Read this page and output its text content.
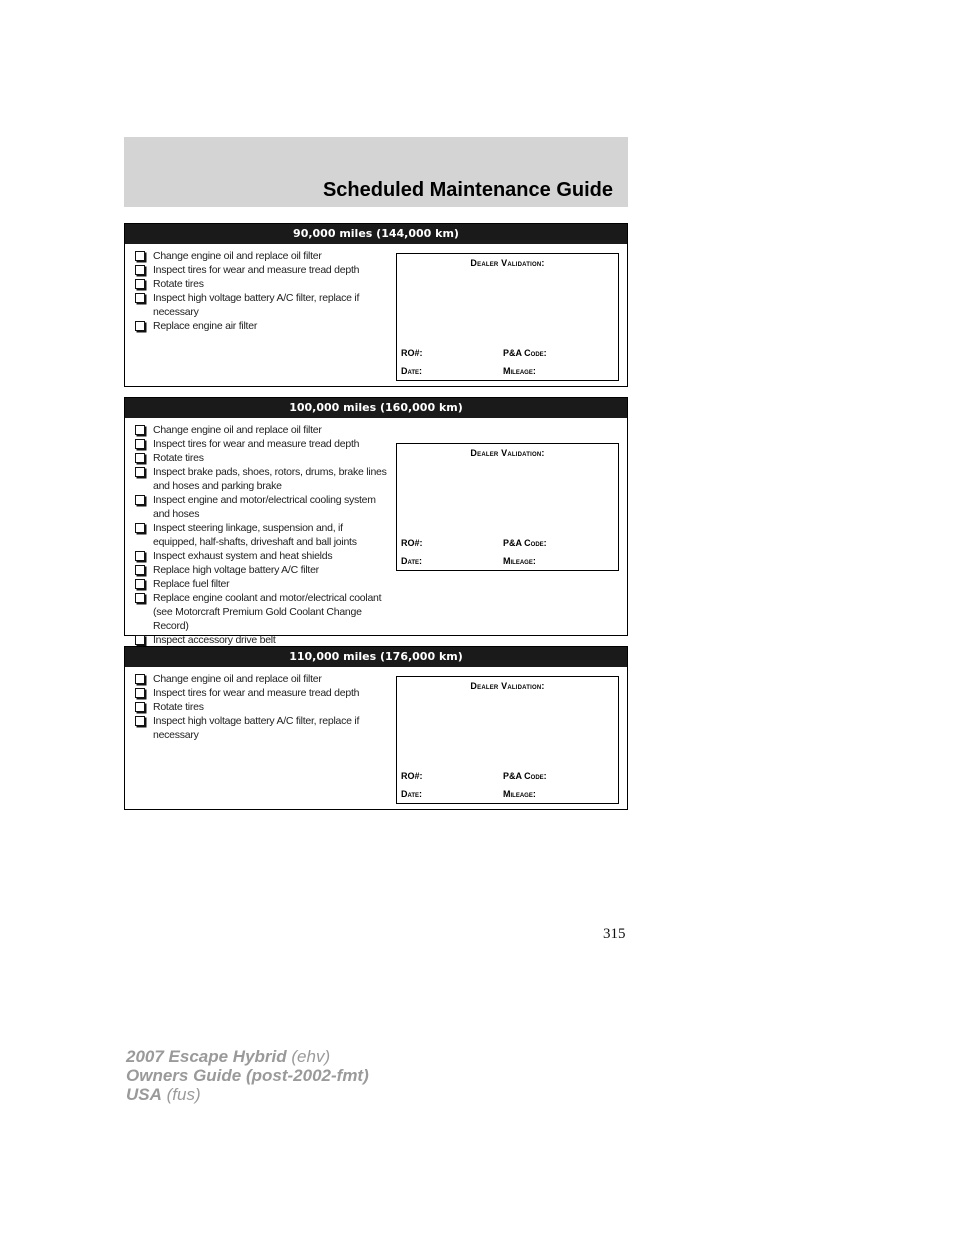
Scheduled Maintenance Guide
90,000 miles (144,000 km)
Change engine oil and replace oil filter
Inspect tires for wear and measure tread depth
Rotate tires
Inspect high voltage battery A/C filter, replace if necessary
Replace engine air filter
Dealer Validation:
RO#:	P&A Code:
Date:	Mileage:
100,000 miles (160,000 km)
Change engine oil and replace oil filter
Inspect tires for wear and measure tread depth
Rotate tires
Inspect brake pads, shoes, rotors, drums, brake lines and hoses and parking brake
Inspect engine and motor/electrical cooling system and hoses
Inspect steering linkage, suspension and, if equipped, half-shafts, driveshaft and ball joints
Inspect exhaust system and heat shields
Replace high voltage battery A/C filter
Replace fuel filter
Replace engine coolant and motor/electrical coolant (see Motorcraft Premium Gold Coolant Change Record)
Inspect accessory drive belt
Dealer Validation:
RO#:	P&A Code:
Date:	Mileage:
110,000 miles (176,000 km)
Change engine oil and replace oil filter
Inspect tires for wear and measure tread depth
Rotate tires
Inspect high voltage battery A/C filter, replace if necessary
Dealer Validation:
RO#:	P&A Code:
Date:	Mileage:
315
2007 Escape Hybrid (ehv)
Owners Guide (post-2002-fmt)
USA (fus)
